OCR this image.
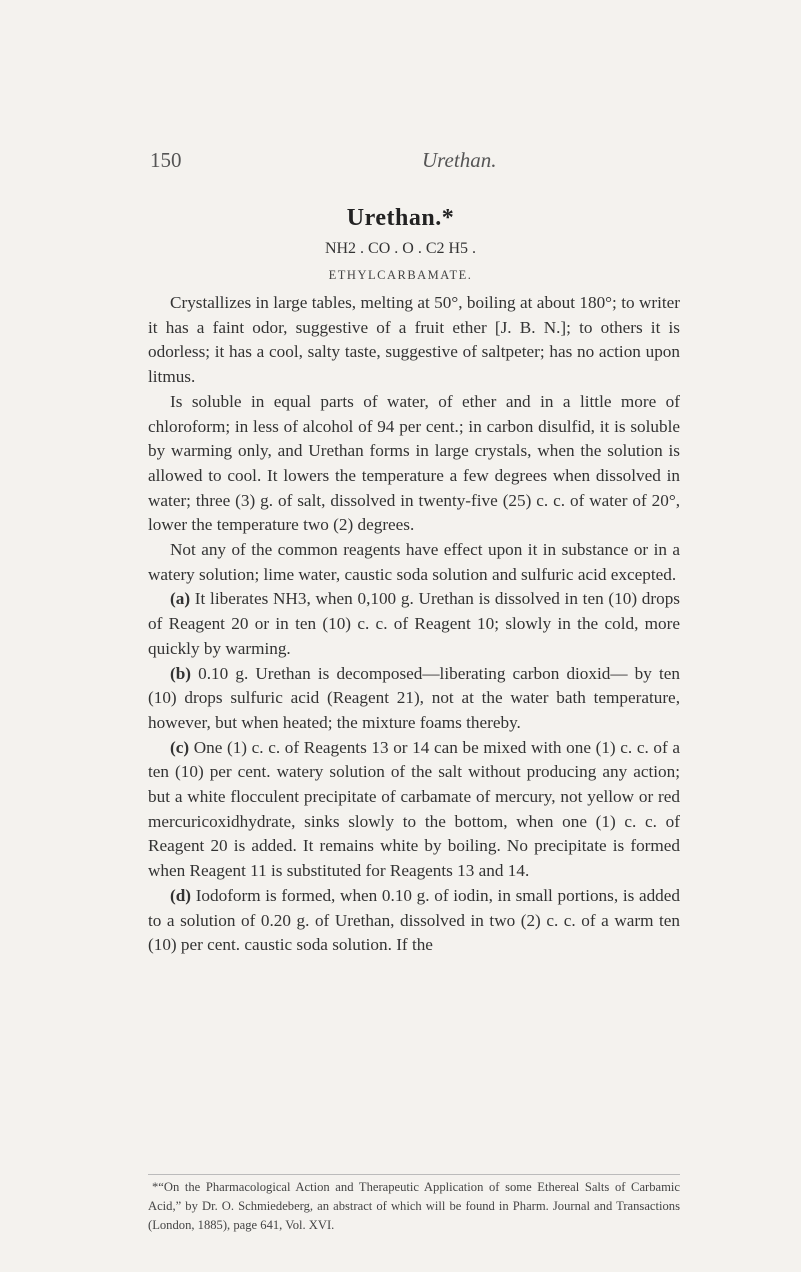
150	Urethan.
Urethan.*
NH2 . CO . O . C2 H5 .
ETHYLCARBAMATE.

Crystallizes in large tables, melting at 50°, boiling at about 180°; to writer it has a faint odor, suggestive of a fruit ether [J. B. N.]; to others it is odorless; it has a cool, salty taste, suggestive of saltpeter; has no action upon litmus.

Is soluble in equal parts of water, of ether and in a little more of chloroform; in less of alcohol of 94 per cent.; in carbon disulfid, it is soluble by warming only, and Urethan forms in large crystals, when the solution is allowed to cool. It lowers the temperature a few degrees when dissolved in water; three (3) g. of salt, dissolved in twenty-five (25) c. c. of water of 20°, lower the temperature two (2) degrees.

Not any of the common reagents have effect upon it in substance or in a watery solution; lime water, caustic soda solution and sulfuric acid excepted.

(a) It liberates NH3, when 0,100 g. Urethan is dissolved in ten (10) drops of Reagent 20 or in ten (10) c. c. of Reagent 10; slowly in the cold, more quickly by warming.

(b) 0.10 g. Urethan is decomposed—liberating carbon dioxid— by ten (10) drops sulfuric acid (Reagent 21), not at the water bath temperature, however, but when heated; the mixture foams thereby.

(c) One (1) c. c. of Reagents 13 or 14 can be mixed with one (1) c. c. of a ten (10) per cent. watery solution of the salt without producing any action; but a white flocculent precipitate of carbamate of mercury, not yellow or red mercuricoxidhydrate, sinks slowly to the bottom, when one (1) c. c. of Reagent 20 is added. It remains white by boiling. No precipitate is formed when Reagent 11 is substituted for Reagents 13 and 14.

(d) Iodoform is formed, when 0.10 g. of iodin, in small portions, is added to a solution of 0.20 g. of Urethan, dissolved in two (2) c. c. of a warm ten (10) per cent. caustic soda solution. If the

*“On the Pharmacological Action and Therapeutic Application of some Ethereal Salts of Carbamic Acid,” by Dr. O. Schmiedeberg, an abstract of which will be found in Pharm. Journal and Transactions (London, 1885), page 641, Vol. XVI.
